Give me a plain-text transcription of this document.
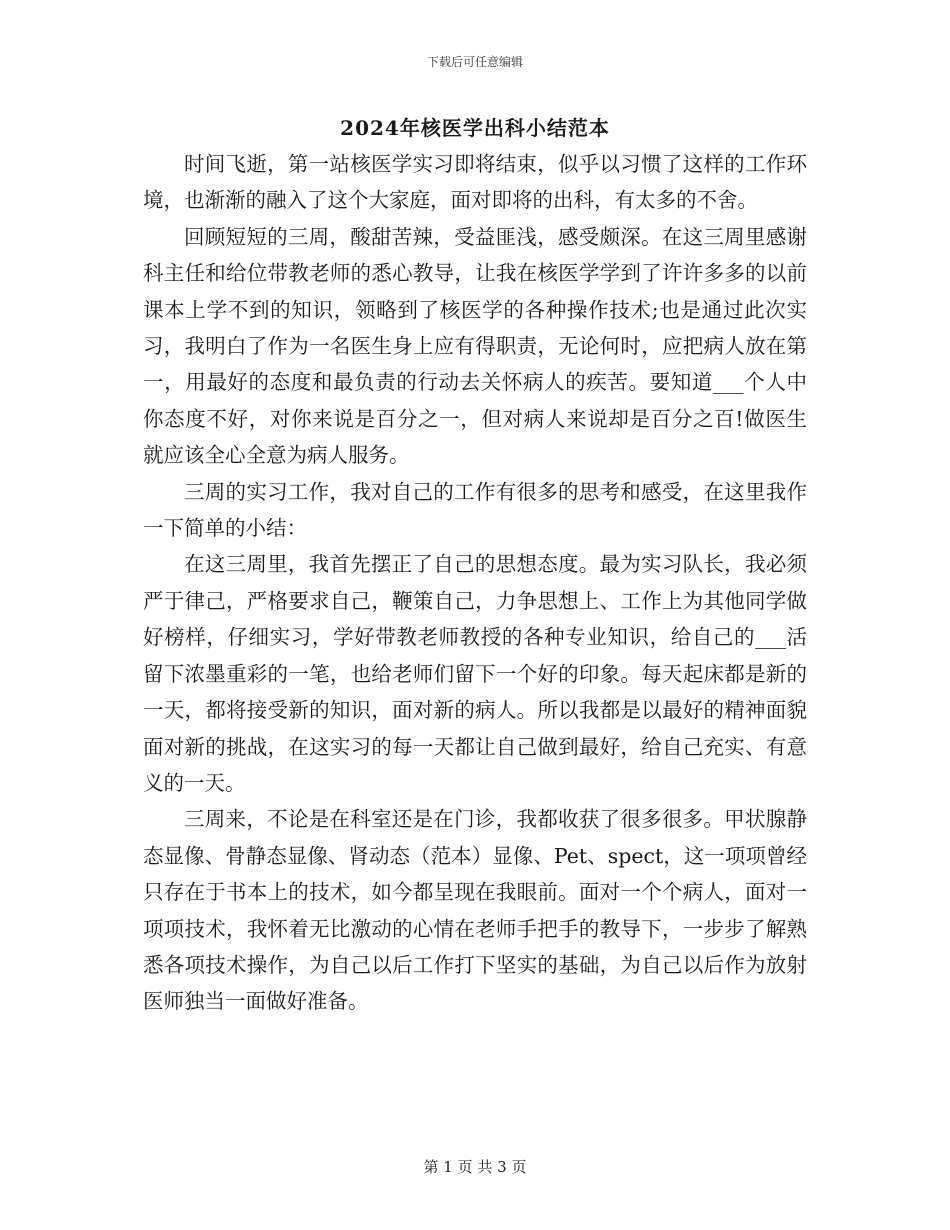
下载后可任意编辑
2024年核医学出科小结范本

时间飞逝，第一站核医学实习即将结束，似乎以习惯了这样的工作环境，也渐渐的融入了这个大家庭，面对即将的出科，有太多的不舍。

回顾短短的三周，酸甜苦辣，受益匪浅，感受颇深。在这三周里感谢科主任和给位带教老师的悉心教导，让我在核医学学到了许许多多的以前课本上学不到的知识，领略到了核医学的各种操作技术;也是通过此次实习，我明白了作为一名医生身上应有得职责，无论何时，应把病人放在第一，用最好的态度和最负责的行动去关怀病人的疾苦。要知道___个人中你态度不好，对你来说是百分之一，但对病人来说却是百分之百!做医生就应该全心全意为病人服务。

三周的实习工作，我对自己的工作有很多的思考和感受，在这里我作一下简单的小结：

在这三周里，我首先摆正了自己的思想态度。最为实习队长，我必须严于律己，严格要求自己，鞭策自己，力争思想上、工作上为其他同学做好榜样，仔细实习，学好带教老师教授的各种专业知识，给自己的___活留下浓墨重彩的一笔，也给老师们留下一个好的印象。每天起床都是新的一天，都将接受新的知识，面对新的病人。所以我都是以最好的精神面貌面对新的挑战，在这实习的每一天都让自己做到最好，给自己充实、有意义的一天。

三周来，不论是在科室还是在门诊，我都收获了很多很多。甲状腺静态显像、骨静态显像、肾动态（范本）显像、Pet、spect，这一项项曾经只存在于书本上的技术，如今都呈现在我眼前。面对一个个病人，面对一项项技术，我怀着无比激动的心情在老师手把手的教导下，一步步了解熟悉各项技术操作，为自己以后工作打下坚实的基础，为自己以后作为放射医师独当一面做好准备。

第 1 页 共 3 页
